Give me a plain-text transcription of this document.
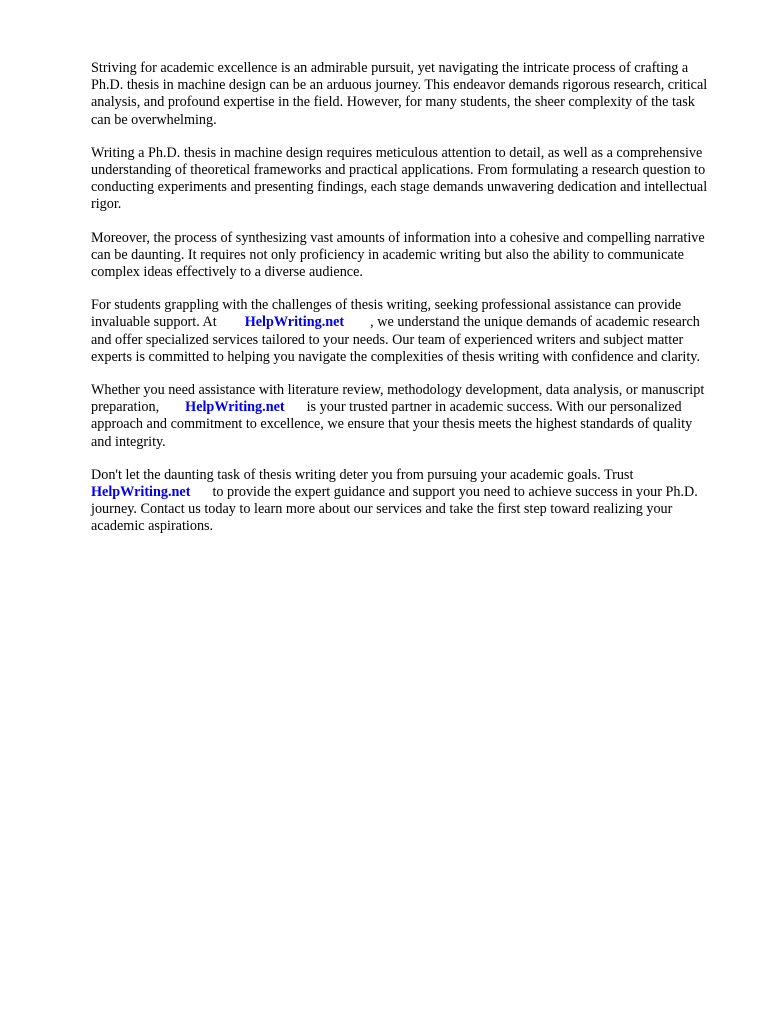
Striving for academic excellence is an admirable pursuit, yet navigating the intricate process of crafting a Ph.D. thesis in machine design can be an arduous journey. This endeavor demands rigorous research, critical analysis, and profound expertise in the field. However, for many students, the sheer complexity of the task can be overwhelming.

Writing a Ph.D. thesis in machine design requires meticulous attention to detail, as well as a comprehensive understanding of theoretical frameworks and practical applications. From formulating a research question to conducting experiments and presenting findings, each stage demands unwavering dedication and intellectual rigor.

Moreover, the process of synthesizing vast amounts of information into a cohesive and compelling narrative can be daunting. It requires not only proficiency in academic writing but also the ability to communicate complex ideas effectively to a diverse audience.

For students grappling with the challenges of thesis writing, seeking professional assistance can provide invaluable support. At HelpWriting.net , we understand the unique demands of academic research and offer specialized services tailored to your needs. Our team of experienced writers and subject matter experts is committed to helping you navigate the complexities of thesis writing with confidence and clarity.

Whether you need assistance with literature review, methodology development, data analysis, or manuscript preparation, HelpWriting.net is your trusted partner in academic success. With our personalized approach and commitment to excellence, we ensure that your thesis meets the highest standards of quality and integrity.

Don't let the daunting task of thesis writing deter you from pursuing your academic goals. Trust HelpWriting.net to provide the expert guidance and support you need to achieve success in your Ph.D. journey. Contact us today to learn more about our services and take the first step toward realizing your academic aspirations.
